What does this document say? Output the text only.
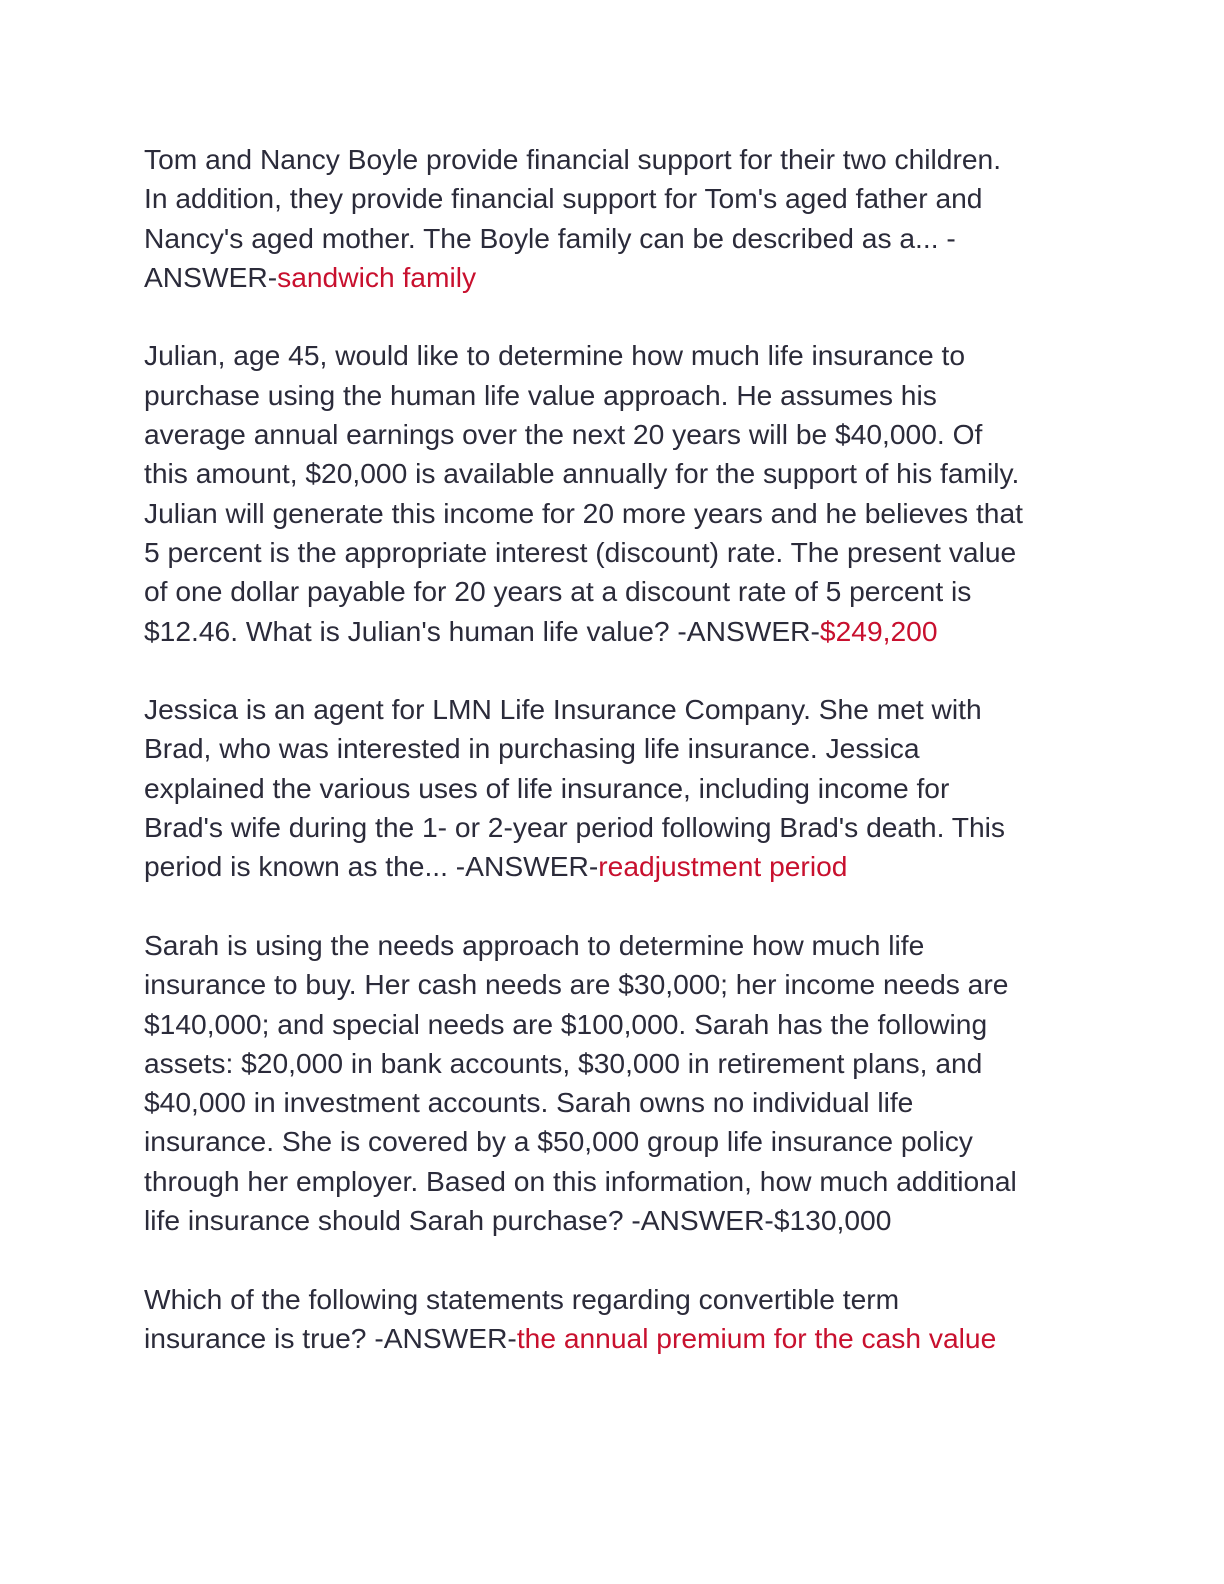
Tom and Nancy Boyle provide financial support for their two children.
In addition, they provide financial support for Tom's aged father and
Nancy's aged mother. The Boyle family can be described as a... -
ANSWER-sandwich family
Julian, age 45, would like to determine how much life insurance to
purchase using the human life value approach. He assumes his
average annual earnings over the next 20 years will be $40,000. Of
this amount, $20,000 is available annually for the support of his family.
Julian will generate this income for 20 more years and he believes that
5 percent is the appropriate interest (discount) rate. The present value
of one dollar payable for 20 years at a discount rate of 5 percent is
$12.46. What is Julian's human life value? -ANSWER-$249,200
Jessica is an agent for LMN Life Insurance Company. She met with
Brad, who was interested in purchasing life insurance. Jessica
explained the various uses of life insurance, including income for
Brad's wife during the 1- or 2-year period following Brad's death. This
period is known as the... -ANSWER-readjustment period
Sarah is using the needs approach to determine how much life
insurance to buy. Her cash needs are $30,000; her income needs are
$140,000; and special needs are $100,000. Sarah has the following
assets: $20,000 in bank accounts, $30,000 in retirement plans, and
$40,000 in investment accounts. Sarah owns no individual life
insurance. She is covered by a $50,000 group life insurance policy
through her employer. Based on this information, how much additional
life insurance should Sarah purchase? -ANSWER-$130,000
Which of the following statements regarding convertible term
insurance is true? -ANSWER-the annual premium for the cash value
